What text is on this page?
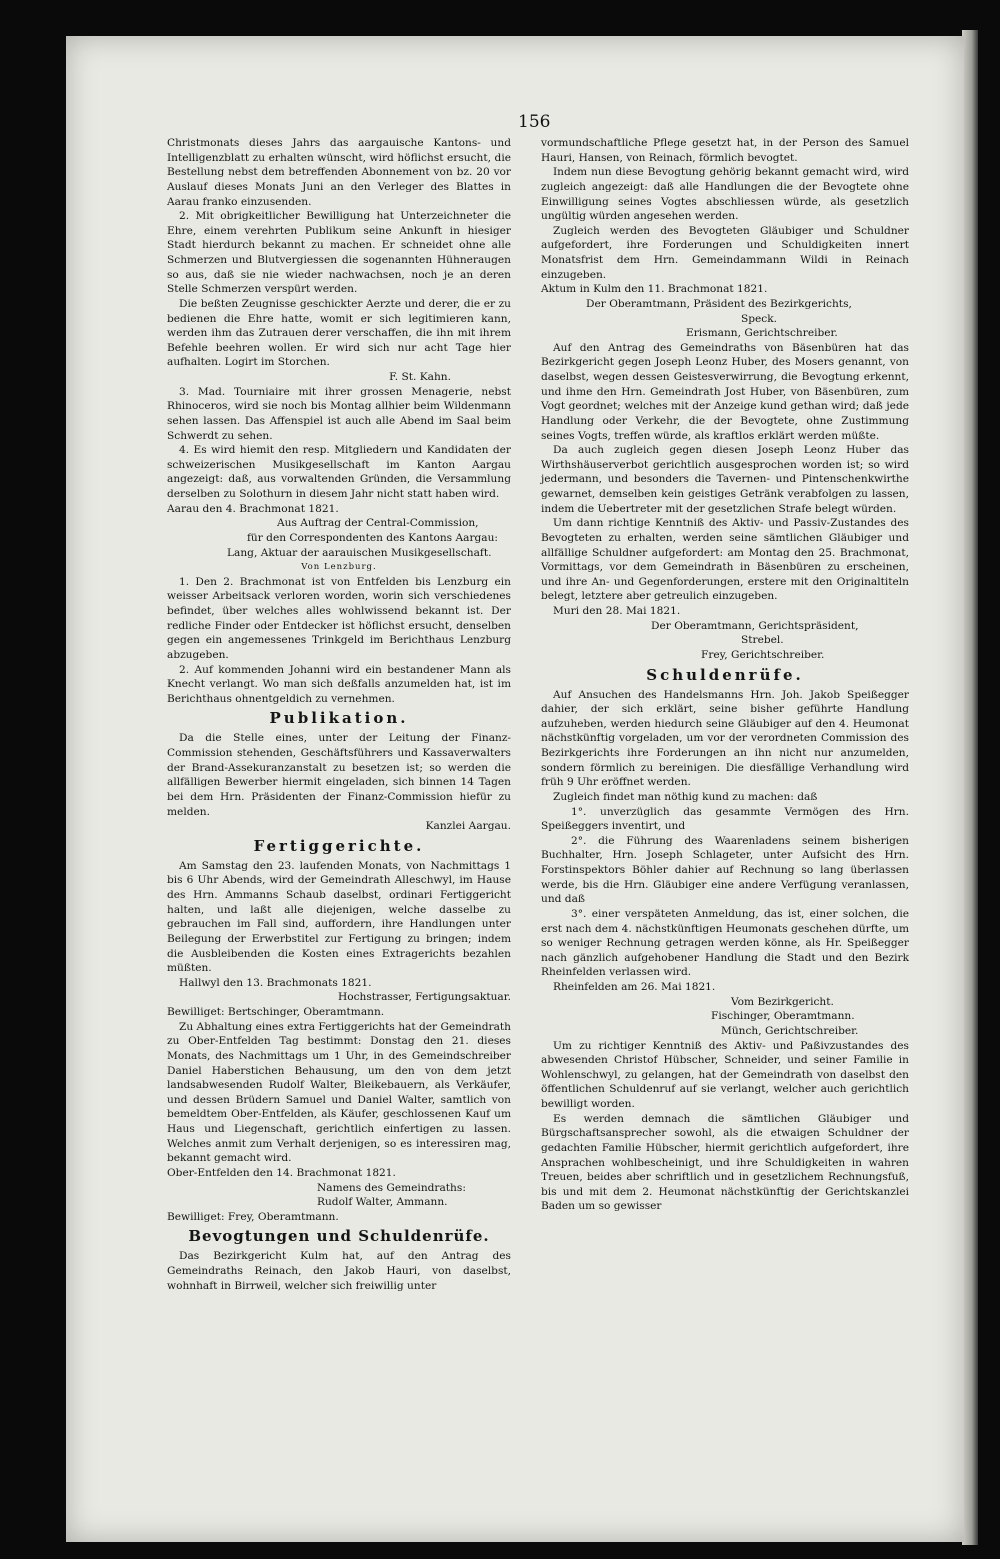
156

Christmonats dieses Jahrs das aargauische Kantons- und Intelligenzblatt zu erhalten wünscht, wird höflichst ersucht, die Bestellung nebst dem betreffenden Abonnement von bz. 20 vor Auslauf dieses Monats Juni an den Verleger des Blattes in Aarau franko einzusenden.

2. Mit obrigkeitlicher Bewilligung hat Unterzeichneter die Ehre, einem verehrten Publikum seine Ankunft in hiesiger Stadt hierdurch bekannt zu machen. Er schneidet ohne alle Schmerzen und Blutvergiessen die sogenannten Hühneraugen so aus, daß sie nie wieder nachwachsen, noch je an deren Stelle Schmerzen verspürt werden.

Die beßten Zeugnisse geschickter Aerzte und derer, die er zu bedienen die Ehre hatte, womit er sich legitimieren kann, werden ihm das Zutrauen derer verschaffen, die ihn mit ihrem Befehle beehren wollen. Er wird sich nur acht Tage hier aufhalten. Logirt im Storchen.

F. St. Kahn.

3. Mad. Tourniaire mit ihrer grossen Menagerie, nebst Rhinoceros, wird sie noch bis Montag allhier beim Wildenmann sehen lassen. Das Affenspiel ist auch alle Abend im Saal beim Schwerdt zu sehen.

4. Es wird hiemit den resp. Mitgliedern und Kandidaten der schweizerischen Musikgesellschaft im Kanton Aargau angezeigt: daß, aus vorwaltenden Gründen, die Versammlung derselben zu Solothurn in diesem Jahr nicht statt haben wird.

Aarau den 4. Brachmonat 1821.

Aus Auftrag der Central-Commission,

für den Correspondenten des Kantons Aargau:

Lang, Aktuar der aarauischen Musikgesellschaft.

Von Lenzburg.

1. Den 2. Brachmonat ist von Entfelden bis Lenzburg ein weisser Arbeitsack verloren worden, worin sich verschiedenes befindet, über welches alles wohlwissend bekannt ist. Der redliche Finder oder Entdecker ist höflichst ersucht, denselben gegen ein angemessenes Trinkgeld im Berichthaus Lenzburg abzugeben.

2. Auf kommenden Johanni wird ein bestandener Mann als Knecht verlangt. Wo man sich deßfalls anzumelden hat, ist im Berichthaus ohnentgeldich zu vernehmen.

Publikation.

Da die Stelle eines, unter der Leitung der Finanz-Commission stehenden, Geschäftsführers und Kassaverwalters der Brand-Assekuranzanstalt zu besetzen ist; so werden die allfälligen Bewerber hiermit eingeladen, sich binnen 14 Tagen bei dem Hrn. Präsidenten der Finanz-Commission hiefür zu melden.

Kanzlei Aargau.

Fertiggerichte.

Am Samstag den 23. laufenden Monats, von Nachmittags 1 bis 6 Uhr Abends, wird der Gemeindrath Alleschwyl, im Hause des Hrn. Ammanns Schaub daselbst, ordinari Fertiggericht halten, und laßt alle diejenigen, welche dasselbe zu gebrauchen im Fall sind, auffordern, ihre Handlungen unter Beilegung der Erwerbstitel zur Fertigung zu bringen; indem die Ausbleibenden die Kosten eines Extragerichts bezahlen müßten.

Hallwyl den 13. Brachmonats 1821.

Hochstrasser, Fertigungsaktuar.

Bewilliget: Bertschinger, Oberamtmann.

Zu Abhaltung eines extra Fertiggerichts hat der Gemeindrath zu Ober-Entfelden Tag bestimmt: Donstag den 21. dieses Monats, des Nachmittags um 1 Uhr, in des Gemeindschreiber Daniel Haberstichen Behausung, um den von dem jetzt landsabwesenden Rudolf Walter, Bleikebauern, als Verkäufer, und dessen Brüdern Samuel und Daniel Walter, samtlich von bemeldtem Ober-Entfelden, als Käufer, geschlossenen Kauf um Haus und Liegenschaft, gerichtlich einfertigen zu lassen. Welches anmit zum Verhalt derjenigen, so es interessiren mag, bekannt gemacht wird.

Ober-Entfelden den 14. Brachmonat 1821.

Namens des Gemeindraths:

Rudolf Walter, Ammann.

Bewilliget: Frey, Oberamtmann.

Bevogtungen und Schuldenrüfe.

Das Bezirkgericht Kulm hat, auf den Antrag des Gemeindraths Reinach, den Jakob Hauri, von daselbst, wohnhaft in Birrweil, welcher sich freiwillig unter

vormundschaftliche Pflege gesetzt hat, in der Person des Samuel Hauri, Hansen, von Reinach, förmlich bevogtet.

Indem nun diese Bevogtung gehörig bekannt gemacht wird, wird zugleich angezeigt: daß alle Handlungen die der Bevogtete ohne Einwilligung seines Vogtes abschliessen würde, als gesetzlich ungültig würden angesehen werden.

Zugleich werden des Bevogteten Gläubiger und Schuldner aufgefordert, ihre Forderungen und Schuldigkeiten innert Monatsfrist dem Hrn. Gemeindammann Wildi in Reinach einzugeben.

Aktum in Kulm den 11. Brachmonat 1821.

Der Oberamtmann, Präsident des Bezirkgerichts,

Speck.

Erismann, Gerichtschreiber.

Auf den Antrag des Gemeindraths von Bäsenbüren hat das Bezirkgericht gegen Joseph Leonz Huber, des Mosers genannt, von daselbst, wegen dessen Geistesverwirrung, die Bevogtung erkennt, und ihme den Hrn. Gemeindrath Jost Huber, von Bäsenbüren, zum Vogt geordnet; welches mit der Anzeige kund gethan wird; daß jede Handlung oder Verkehr, die der Bevogtete, ohne Zustimmung seines Vogts, treffen würde, als kraftlos erklärt werden müßte.

Da auch zugleich gegen diesen Joseph Leonz Huber das Wirthshäuserverbot gerichtlich ausgesprochen worden ist; so wird jedermann, und besonders die Tavernen- und Pintenschenkwirthe gewarnet, demselben kein geistiges Getränk verabfolgen zu lassen, indem die Uebertreter mit der gesetzlichen Strafe belegt würden.

Um dann richtige Kenntniß des Aktiv- und Passiv-Zustandes des Bevogteten zu erhalten, werden seine sämtlichen Gläubiger und allfällige Schuldner aufgefordert: am Montag den 25. Brachmonat, Vormittags, vor dem Gemeindrath in Bäsenbüren zu erscheinen, und ihre An- und Gegenforderungen, erstere mit den Originaltiteln belegt, letztere aber getreulich einzugeben.

Muri den 28. Mai 1821.

Der Oberamtmann, Gerichtspräsident,

Strebel.

Frey, Gerichtschreiber.

Schuldenrüfe.

Auf Ansuchen des Handelsmanns Hrn. Joh. Jakob Speißegger dahier, der sich erklärt, seine bisher geführte Handlung aufzuheben, werden hiedurch seine Gläubiger auf den 4. Heumonat nächstkünftig vorgeladen, um vor der verordneten Commission des Bezirkgerichts ihre Forderungen an ihn nicht nur anzumelden, sondern förmlich zu bereinigen. Die diesfällige Verhandlung wird früh 9 Uhr eröffnet werden.

Zugleich findet man nöthig kund zu machen: daß

1°. unverzüglich das gesammte Vermögen des Hrn. Speißeggers inventirt, und

2°. die Führung des Waarenladens seinem bisherigen Buchhalter, Hrn. Joseph Schlageter, unter Aufsicht des Hrn. Forstinspektors Böhler dahier auf Rechnung so lang überlassen werde, bis die Hrn. Gläubiger eine andere Verfügung veranlassen, und daß

3°. einer verspäteten Anmeldung, das ist, einer solchen, die erst nach dem 4. nächstkünftigen Heumonats geschehen dürfte, um so weniger Rechnung getragen werden könne, als Hr. Speißegger nach gänzlich aufgehobener Handlung die Stadt und den Bezirk Rheinfelden verlassen wird.

Rheinfelden am 26. Mai 1821.

Vom Bezirkgericht.

Fischinger, Oberamtmann.

Münch, Gerichtschreiber.

Um zu richtiger Kenntniß des Aktiv- und Paßivzustandes des abwesenden Christof Hübscher, Schneider, und seiner Familie in Wohlenschwyl, zu gelangen, hat der Gemeindrath von daselbst den öffentlichen Schuldenruf auf sie verlangt, welcher auch gerichtlich bewilligt worden.

Es werden demnach die sämtlichen Gläubiger und Bürgschaftsansprecher sowohl, als die etwaigen Schuldner der gedachten Familie Hübscher, hiermit gerichtlich aufgefordert, ihre Ansprachen wohlbescheinigt, und ihre Schuldigkeiten in wahren Treuen, beides aber schriftlich und in gesetzlichem Rechnungsfuß, bis und mit dem 2. Heumonat nächstkünftig der Gerichtskanzlei Baden um so gewisser
